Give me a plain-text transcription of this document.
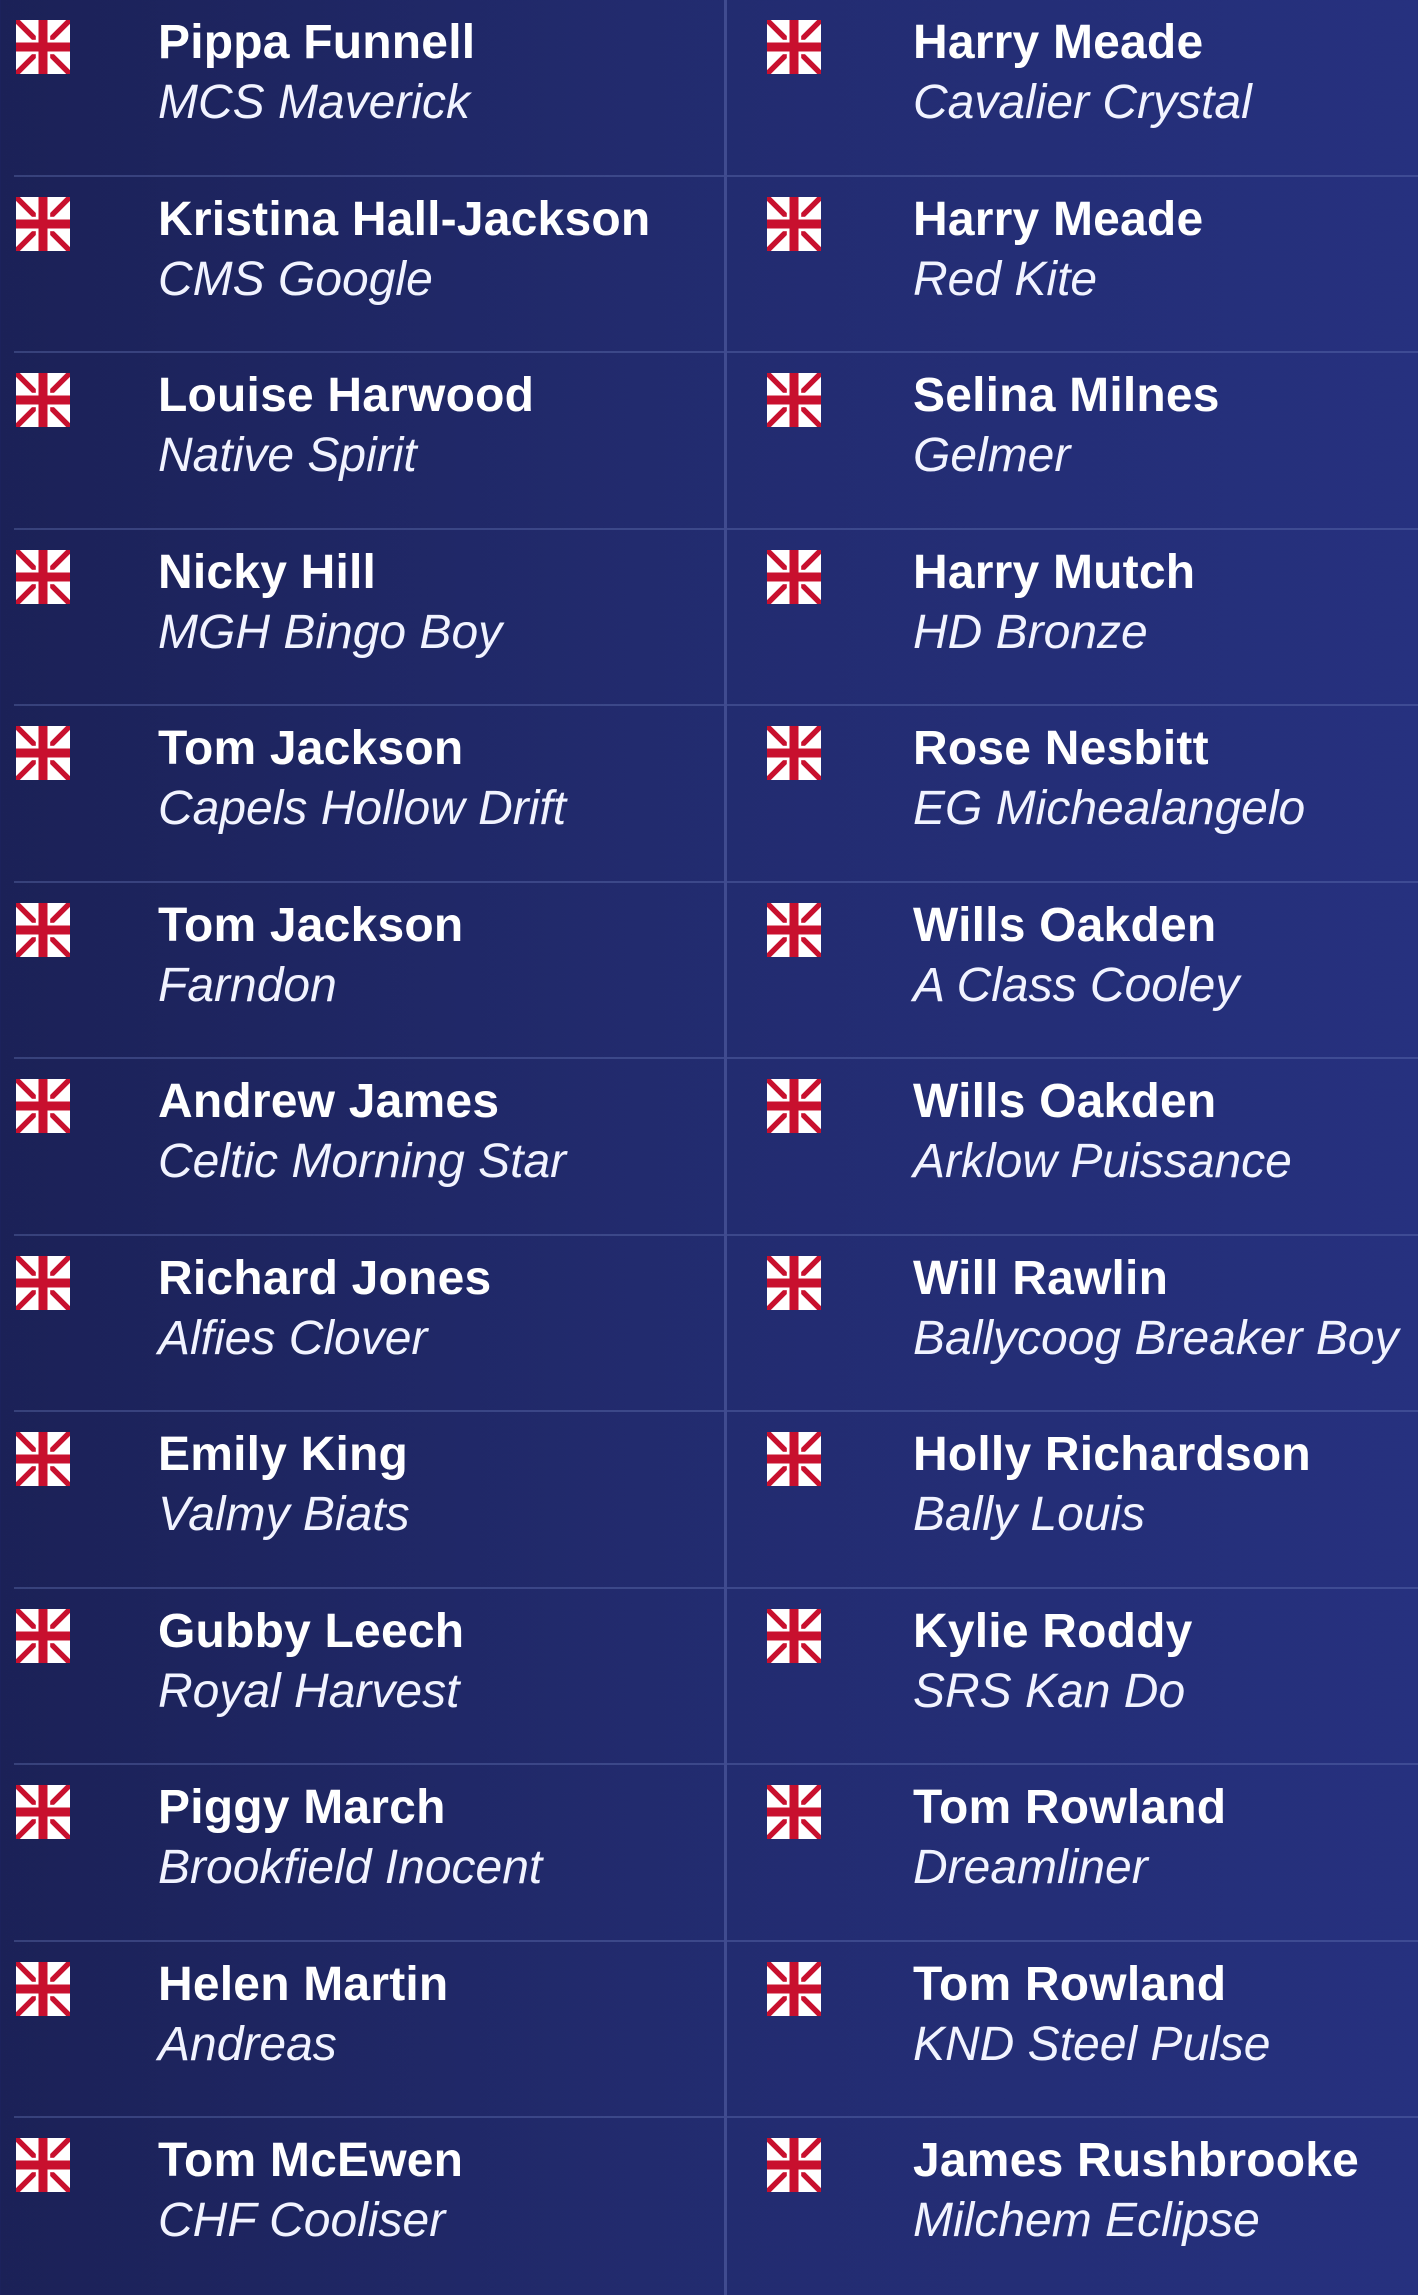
Pippa Funnell
MCS Maverick
Kristina Hall-Jackson
CMS Google
Louise Harwood
Native Spirit
Nicky Hill
MGH Bingo Boy
Tom Jackson
Capels Hollow Drift
Tom Jackson
Farndon
Andrew James
Celtic Morning Star
Richard Jones
Alfies Clover
Emily King
Valmy Biats
Gubby Leech
Royal Harvest
Piggy March
Brookfield Inocent
Helen Martin
Andreas
Tom McEwen
CHF Cooliser
Harry Meade
Cavalier Crystal
Harry Meade
Red Kite
Selina Milnes
Gelmer
Harry Mutch
HD Bronze
Rose Nesbitt
EG Michealangelo
Wills Oakden
A Class Cooley
Wills Oakden
Arklow Puissance
Will Rawlin
Ballycoog Breaker Boy
Holly Richardson
Bally Louis
Kylie Roddy
SRS Kan Do
Tom Rowland
Dreamliner
Tom Rowland
KND Steel Pulse
James Rushbrooke
Milchem Eclipse
